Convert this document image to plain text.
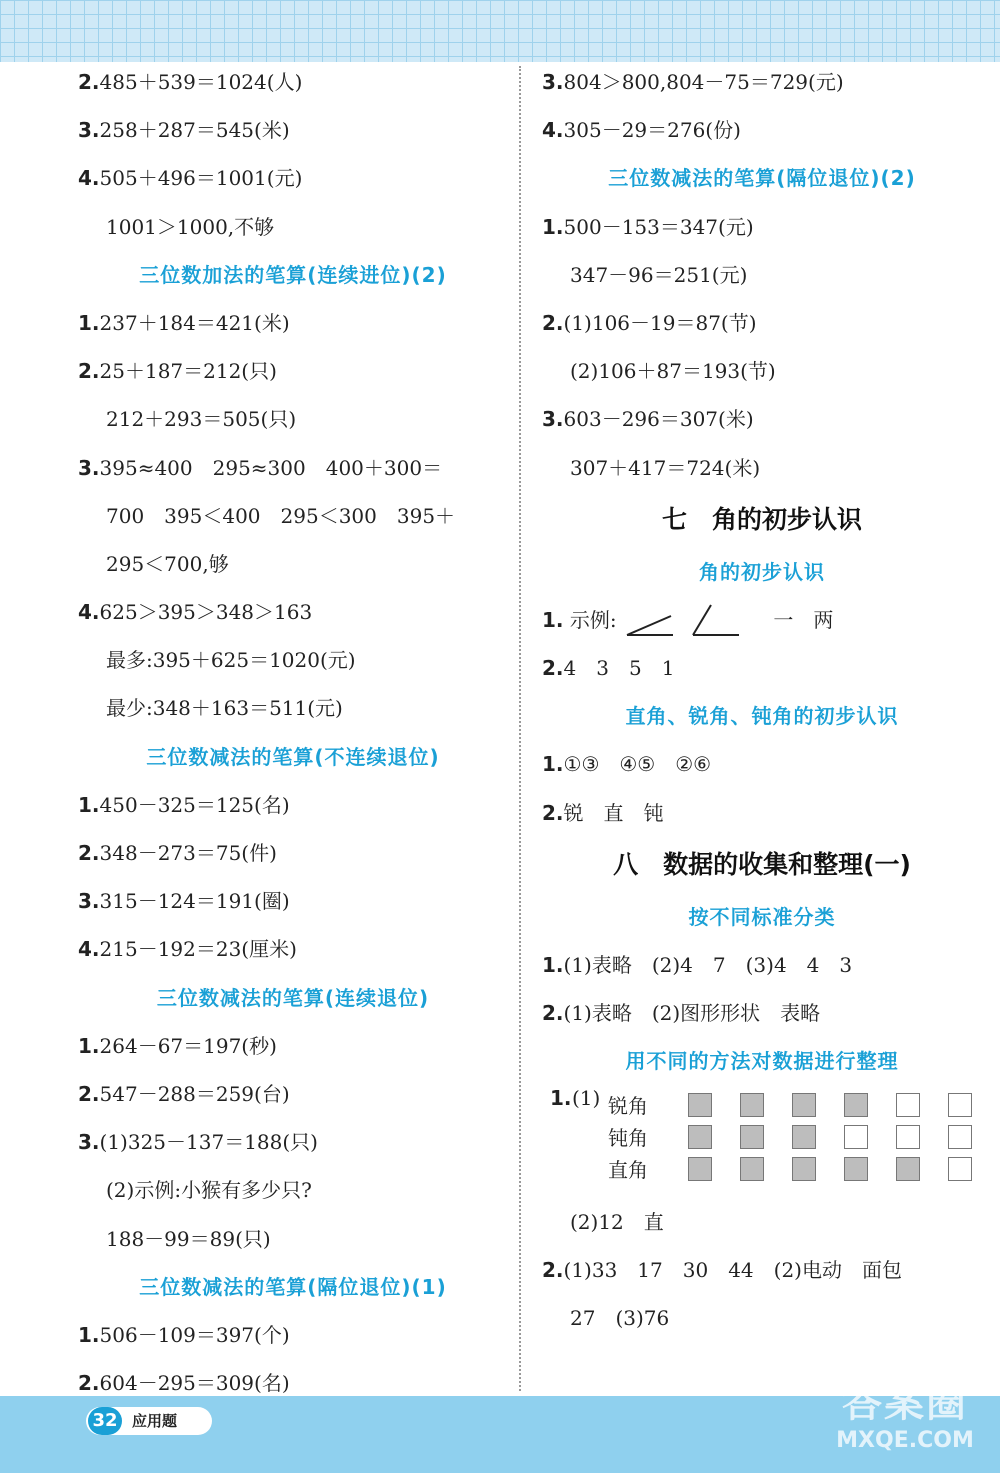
2.485＋539＝1024(人)
3.258＋287＝545(米)
4.505＋496＝1001(元)
1001＞1000,不够
三位数加法的笔算(连续进位)(2)
1.237＋184＝421(米)
2.25＋187＝212(只)
212＋293＝505(只)
3.395≈400　295≈300　400＋300＝
700　395＜400　295＜300　395＋
295＜700,够
4.625＞395＞348＞163
最多:395＋625＝1020(元)
最少:348＋163＝511(元)
三位数减法的笔算(不连续退位)
1.450－325＝125(名)
2.348－273＝75(件)
3.315－124＝191(圈)
4.215－192＝23(厘米)
三位数减法的笔算(连续退位)
1.264－67＝197(秒)
2.547－288＝259(台)
3.(1)325－137＝188(只)
(2)示例:小猴有多少只?
188－99＝89(只)
三位数减法的笔算(隔位退位)(1)
1.506－109＝397(个)
2.604－295＝309(名)
3.804＞800,804－75＝729(元)
4.305－29＝276(份)
三位数减法的笔算(隔位退位)(2)
1.500－153＝347(元)
347－96＝251(元)
2.(1)106－19＝87(节)
(2)106＋87＝193(节)
3.603－296＝307(米)
307＋417＝724(米)
七　角的初步认识
角的初步认识
1. 示例:	一　两
2.4　3　5　1
直角、锐角、钝角的初步认识
1.①③　④⑤　②⑥
2.锐　直　钝
八　数据的收集和整理(一)
按不同标准分类
1.(1)表略　(2)4　7　(3)4　4　3
2.(1)表略　(2)图形形状　表略
用不同的方法对数据进行整理
1. (1) 锐角
钝角
直角
(2)12　直
2.(1)33　17　30　44　(2)电动　面包
27　(3)76
32 应用题	答案圈
MXQE.COM
